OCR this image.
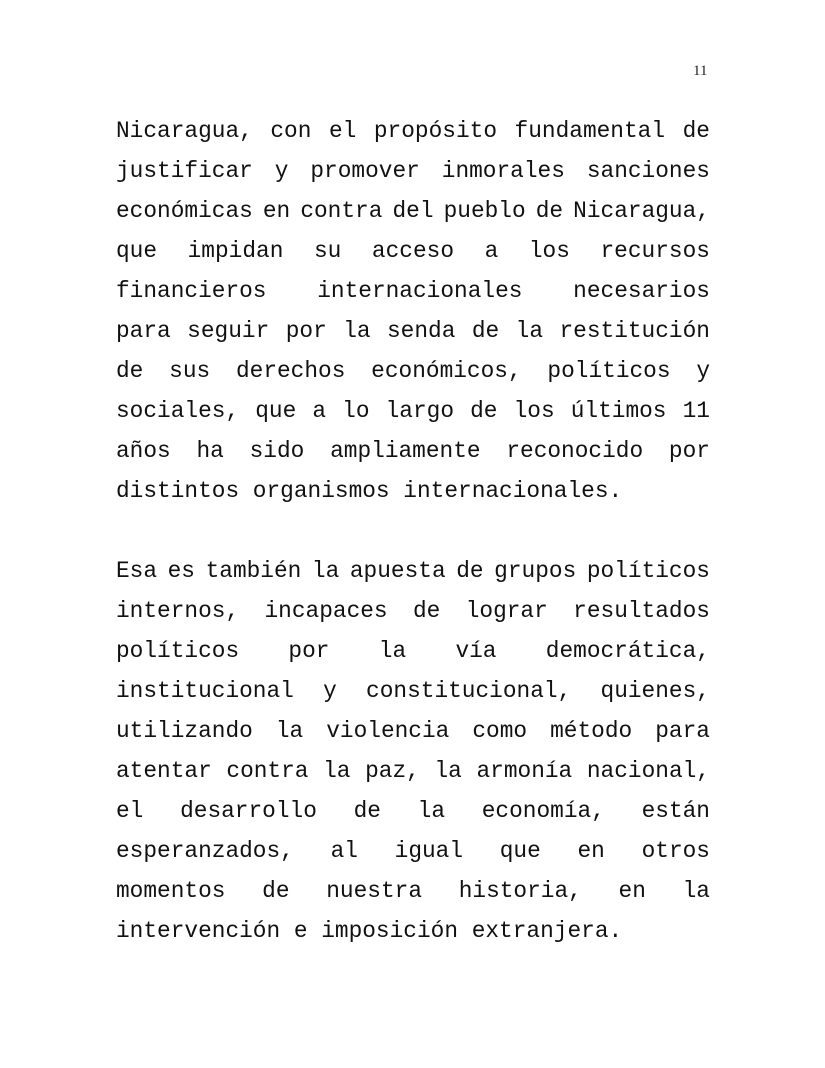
11

Nicaragua, con el propósito fundamental de
justificar y promover inmorales sanciones
económicas en contra del pueblo de Nicaragua,
que impidan su acceso a los recursos
financieros internacionales necesarios
para seguir por la senda de la restitución
de sus derechos económicos, políticos y
sociales, que a lo largo de los últimos 11
años ha sido ampliamente reconocido por
distintos organismos internacionales.

Esa es también la apuesta de grupos políticos
internos, incapaces de lograr resultados
políticos por la vía democrática,
institucional y constitucional, quienes,
utilizando la violencia como método para
atentar contra la paz, la armonía nacional,
el desarrollo de la economía, están
esperanzados, al igual que en otros
momentos de nuestra historia, en la
intervención e imposición extranjera.
